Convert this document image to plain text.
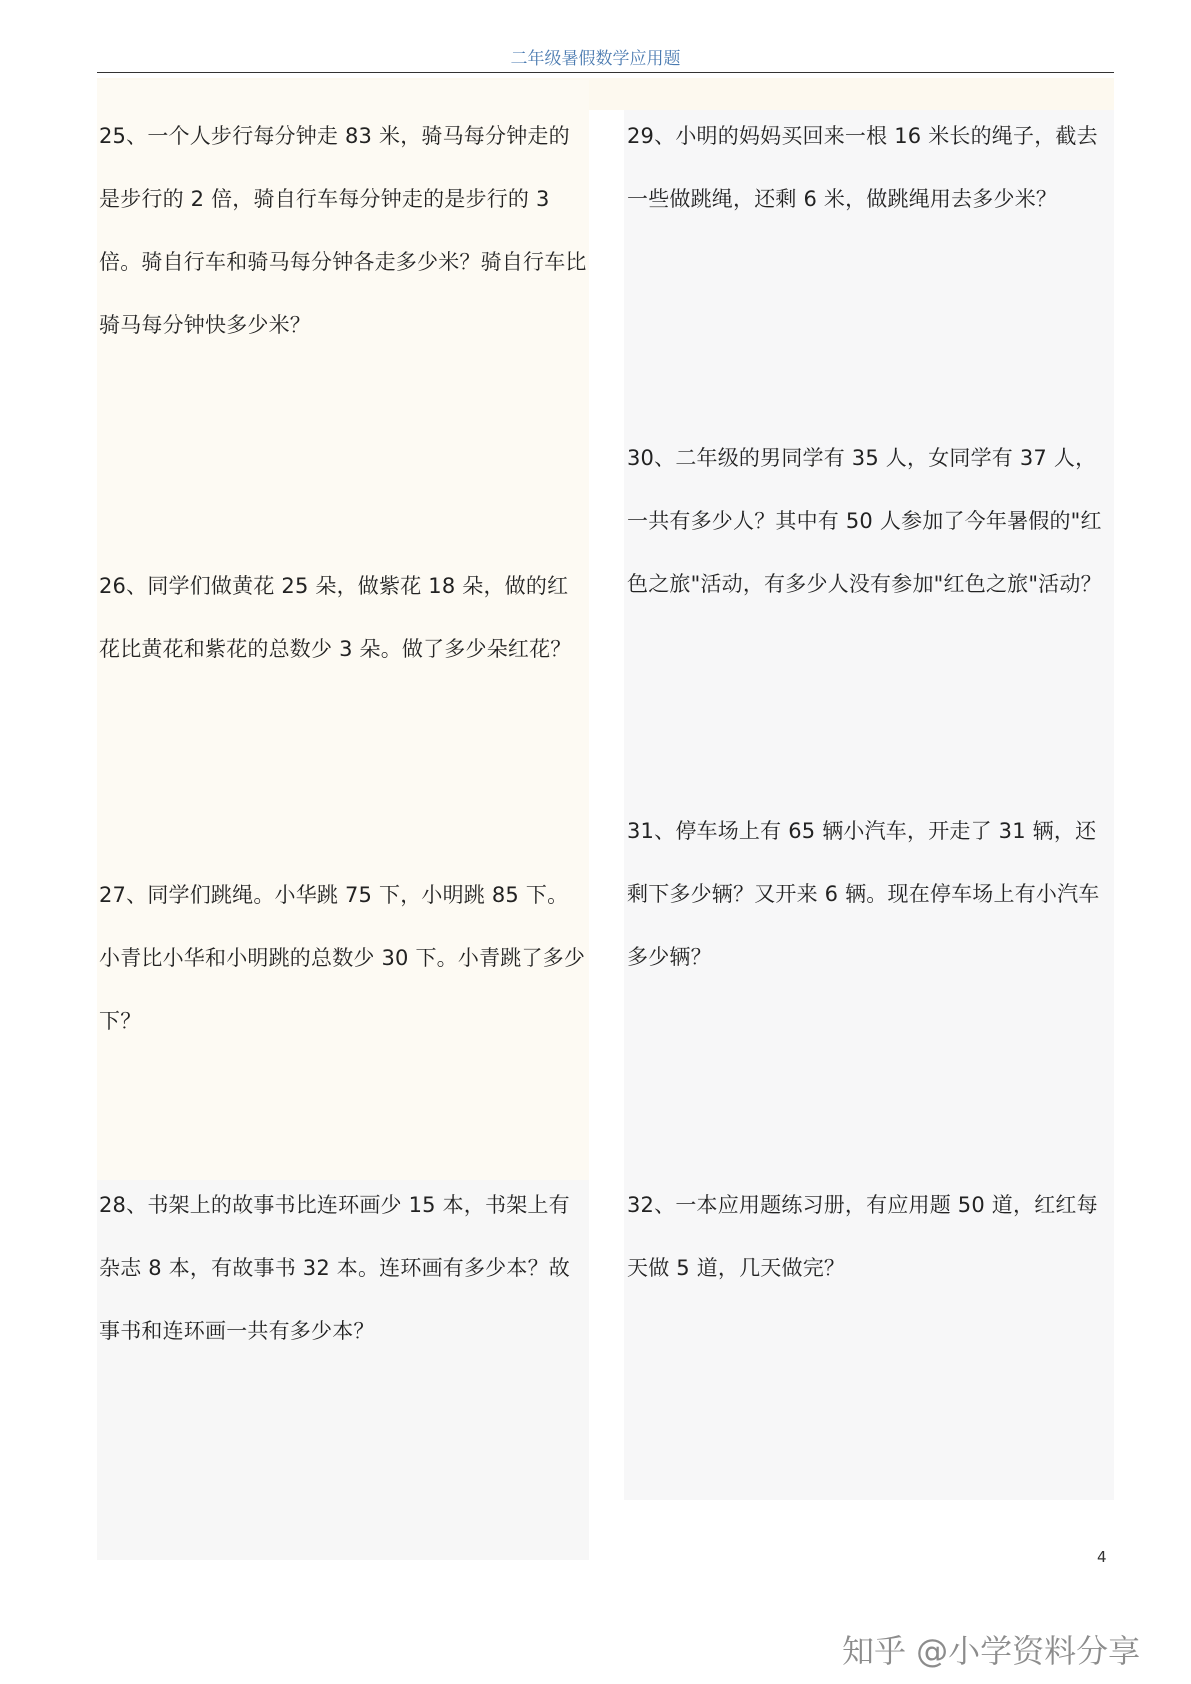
二年级暑假数学应用题

25、一个人步行每分钟走 83 米，骑马每分钟走的是步行的 2 倍，骑自行车每分钟走的是步行的 3 倍。骑自行车和骑马每分钟各走多少米？骑自行车比骑马每分钟快多少米？

26、同学们做黄花 25 朵，做紫花 18 朵，做的红花比黄花和紫花的总数少 3 朵。做了多少朵红花？

27、同学们跳绳。小华跳 75 下，小明跳 85 下。小青比小华和小明跳的总数少 30 下。小青跳了多少下？

28、书架上的故事书比连环画少 15 本，书架上有杂志 8 本，有故事书 32 本。连环画有多少本？故事书和连环画一共有多少本？

29、小明的妈妈买回来一根 16 米长的绳子，截去一些做跳绳，还剩 6 米，做跳绳用去多少米？

30、二年级的男同学有 35 人，女同学有 37 人，一共有多少人？其中有 50 人参加了今年暑假的"红色之旅"活动，有多少人没有参加"红色之旅"活动？

31、停车场上有 65 辆小汽车，开走了 31 辆，还剩下多少辆？又开来 6 辆。现在停车场上有小汽车多少辆？

32、一本应用题练习册，有应用题 50 道，红红每天做 5 道，几天做完？

4
知乎 @小学资料分享
